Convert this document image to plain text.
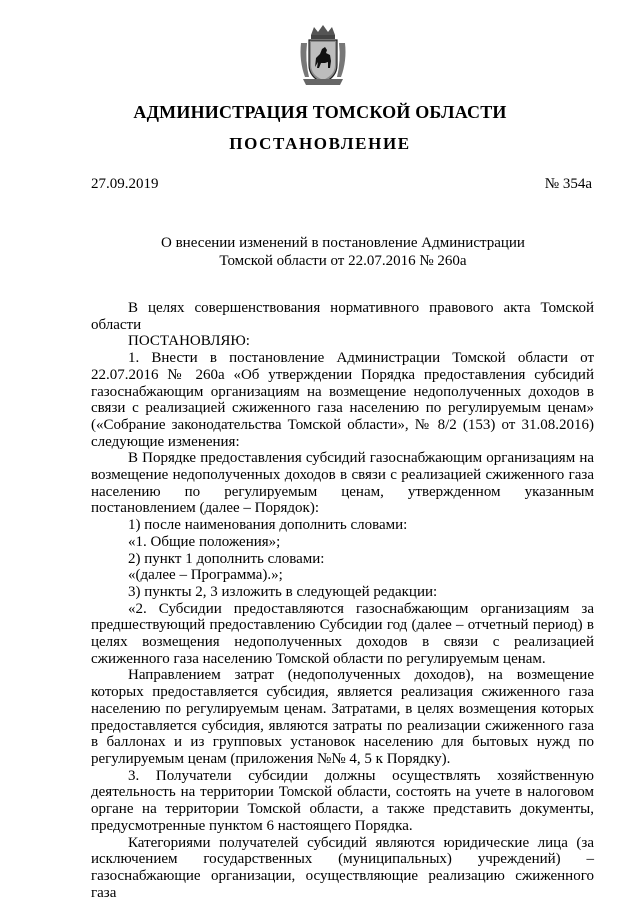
АДМИНИСТРАЦИЯ ТОМСКОЙ ОБЛАСТИ
ПОСТАНОВЛЕНИЕ
27.09.2019	№ 354а
О внесении изменений в постановление Администрации
Томской области от 22.07.2016 № 260а

В целях совершенствования нормативного правового акта Томской области

ПОСТАНОВЛЯЮ:

1. Внести в постановление Администрации Томской области от 22.07.2016 № 260а «Об утверждении Порядка предоставления субсидий газоснабжающим организациям на возмещение недополученных доходов в связи с реализацией сжиженного газа населению по регулируемым ценам» («Собрание законодательства Томской области», № 8/2 (153) от 31.08.2016) следующие изменения:

В Порядке предоставления субсидий газоснабжающим организациям на возмещение недополученных доходов в связи с реализацией сжиженного газа населению по регулируемым ценам, утвержденном указанным постановлением (далее – Порядок):

1) после наименования дополнить словами:

«1. Общие положения»;

2) пункт 1 дополнить словами:

«(далее – Программа).»;

3) пункты 2, 3 изложить в следующей редакции:

«2. Субсидии предоставляются газоснабжающим организациям за предшествующий предоставлению Субсидии год (далее – отчетный период) в целях возмещения недополученных доходов в связи с реализацией сжиженного газа населению Томской области по регулируемым ценам.

Направлением затрат (недополученных доходов), на возмещение которых предоставляется субсидия, является реализация сжиженного газа населению по регулируемым ценам. Затратами, в целях возмещения которых предоставляется субсидия, являются затраты по реализации сжиженного газа в баллонах и из групповых установок населению для бытовых нужд по регулируемым ценам (приложения №№ 4, 5 к Порядку).

3. Получатели субсидии должны осуществлять хозяйственную деятельность на территории Томской области, состоять на учете в налоговом органе на территории Томской области, а также представить документы, предусмотренные пунктом 6 настоящего Порядка.

Категориями получателей субсидий являются юридические лица (за исключением государственных (муниципальных) учреждений) – газоснабжающие организации, осуществляющие реализацию сжиженного газа
